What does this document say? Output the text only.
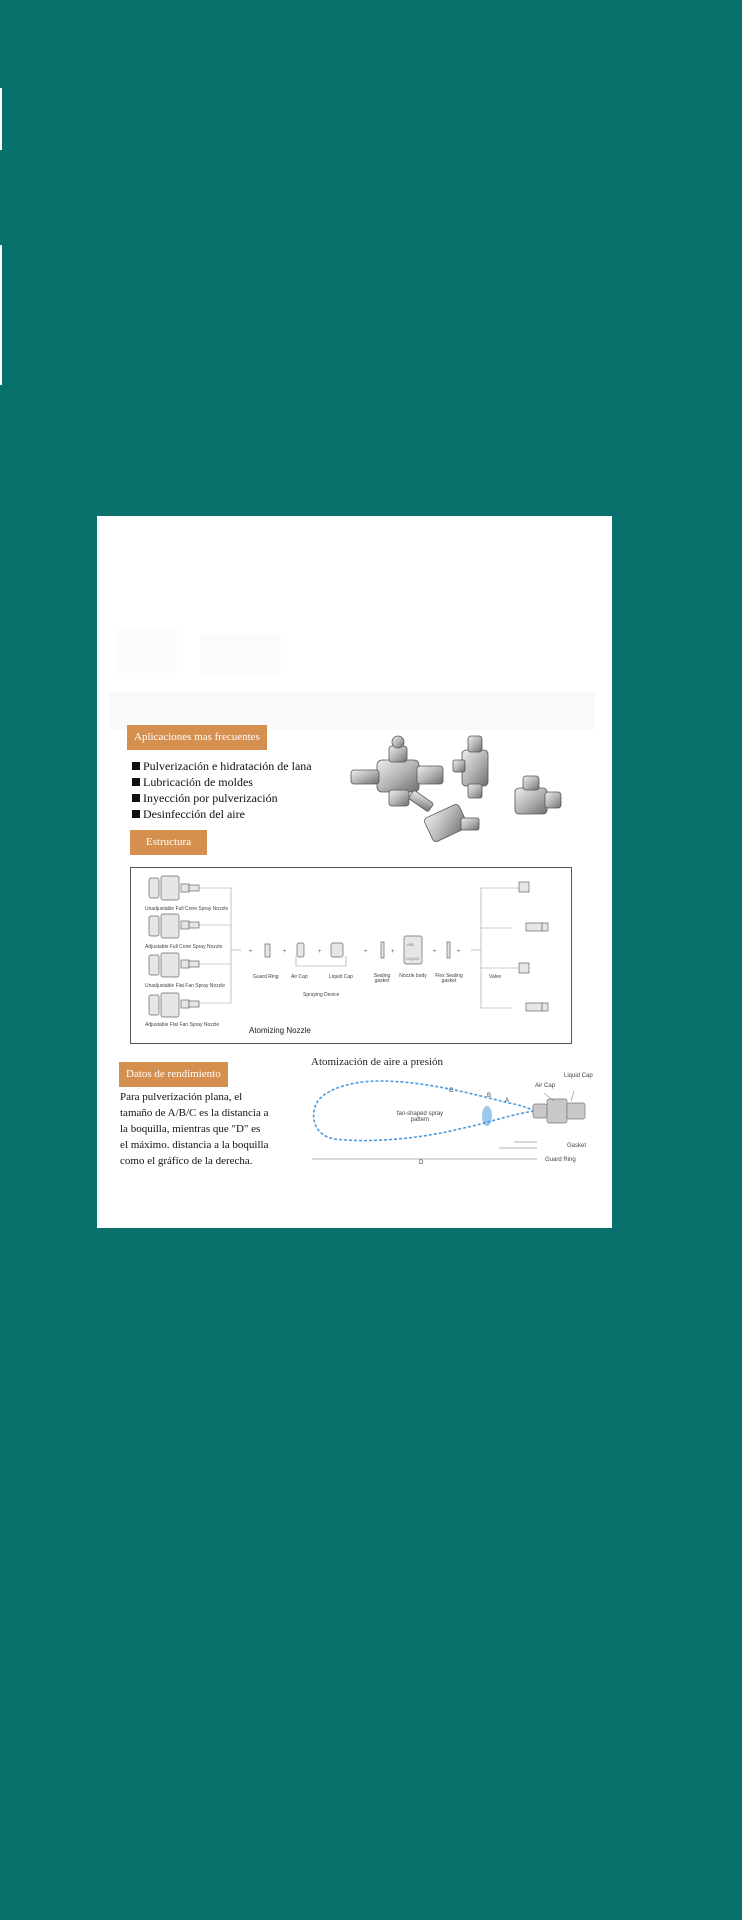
Aplicaciones mas frecuentes
Pulverización e hidratación de lana
Lubricación de moldes
Inyección por pulverización
Desinfección del aire
Estructura
+	+	+	+	+	+	+
AIR
LIQUID
Unadjustable Full Cone Spray Nozzle
Adjustable Full Cone Spray Nozzle
Unadjustable Flat Fan Spray Nozzle
Adjustable Flat Fan Spray Nozzle
Guard Ring Air Cap	Liquid Cap	Sealing gasket
Nozzle body Flex Sealing gasket
Valve
Spraying Device
Atomizing Nozzle
Datos de rendimiento
Para pulverización plana, el
tamaño de A/B/C es la distancia a
la boquilla, mientras que "D" es
el máximo. distancia a la boquilla
como el gráfico de la derecha.
Atomización de aire a presión
fan-shaped spray pattern
C
B
A
D
Air Cap
Liquid Cap
Gasket
Guard Ring
